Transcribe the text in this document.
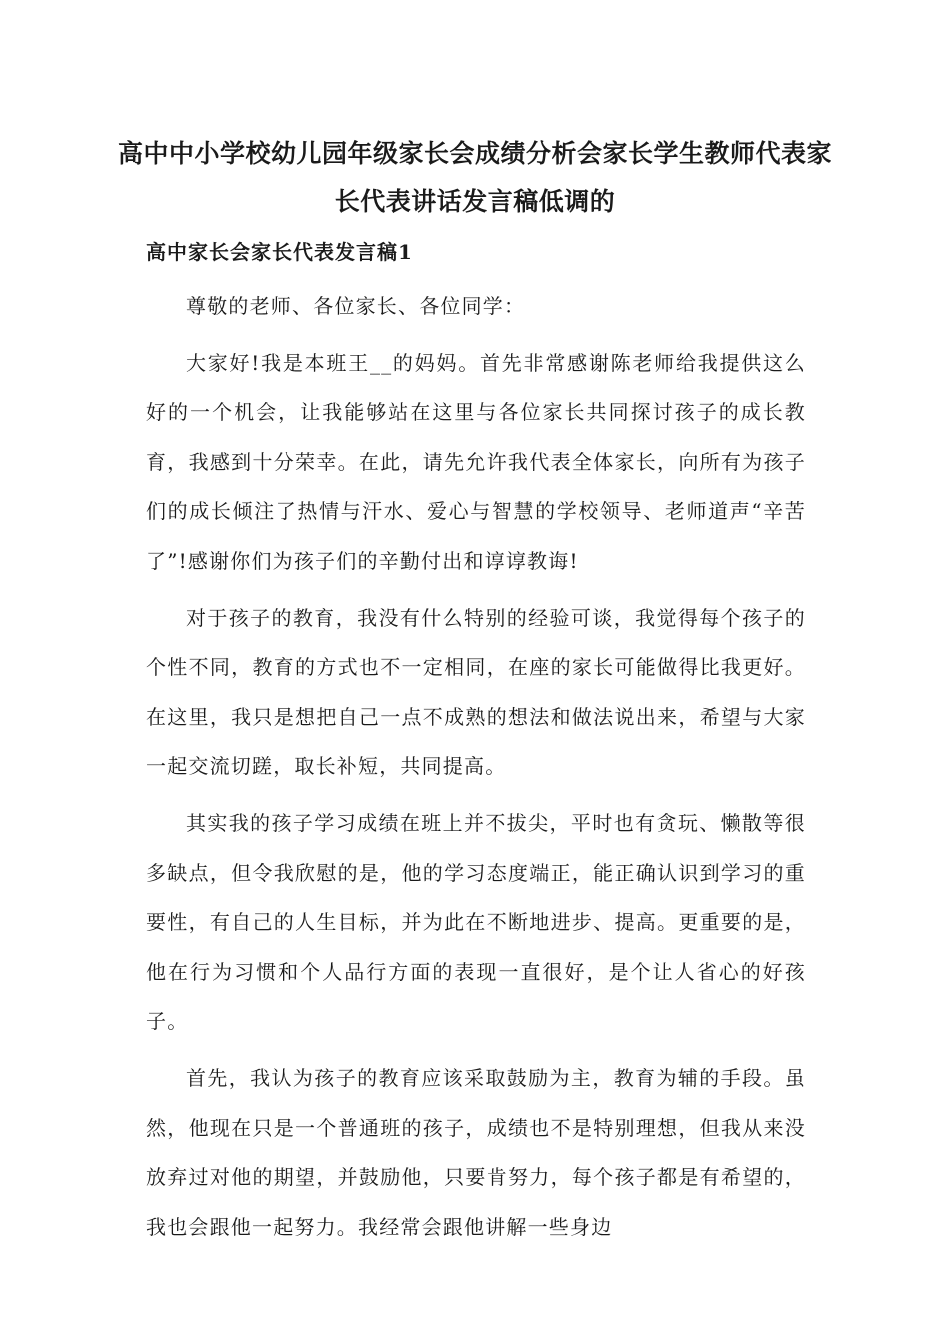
高中中小学校幼儿园年级家长会成绩分析会家长学生教师代表家长代表讲话发言稿低调的
高中家长会家长代表发言稿1

尊敬的老师、各位家长、各位同学：

大家好!我是本班王__的妈妈。首先非常感谢陈老师给我提供这么好的一个机会，让我能够站在这里与各位家长共同探讨孩子的成长教育，我感到十分荣幸。在此，请先允许我代表全体家长，向所有为孩子们的成长倾注了热情与汗水、爱心与智慧的学校领导、老师道声“辛苦了”!感谢你们为孩子们的辛勤付出和谆谆教诲!

对于孩子的教育，我没有什么特别的经验可谈，我觉得每个孩子的个性不同，教育的方式也不一定相同，在座的家长可能做得比我更好。在这里，我只是想把自己一点不成熟的想法和做法说出来，希望与大家一起交流切蹉，取长补短，共同提高。

其实我的孩子学习成绩在班上并不拔尖，平时也有贪玩、懒散等很多缺点，但令我欣慰的是，他的学习态度端正，能正确认识到学习的重要性，有自己的人生目标，并为此在不断地进步、提高。更重要的是，他在行为习惯和个人品行方面的表现一直很好，是个让人省心的好孩子。

首先，我认为孩子的教育应该采取鼓励为主，教育为辅的手段。虽然，他现在只是一个普通班的孩子，成绩也不是特别理想，但我从来没放弃过对他的期望，并鼓励他，只要肯努力，每个孩子都是有希望的，我也会跟他一起努力。我经常会跟他讲解一些身边
